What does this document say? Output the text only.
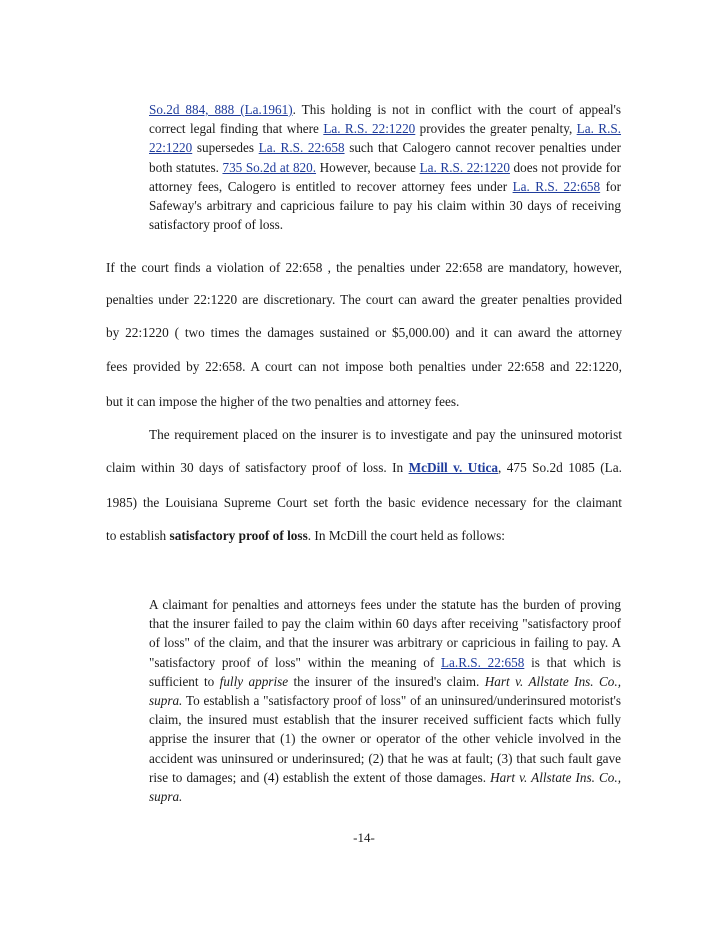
So.2d 884, 888 (La.1961). This holding is not in conflict with the court of appeal's correct legal finding that where La. R.S. 22:1220 provides the greater penalty, La. R.S. 22:1220 supersedes La. R.S. 22:658 such that Calogero cannot recover penalties under both statutes. 735 So.2d at 820. However, because La. R.S. 22:1220 does not provide for attorney fees, Calogero is entitled to recover attorney fees under La. R.S. 22:658 for Safeway's arbitrary and capricious failure to pay his claim within 30 days of receiving satisfactory proof of loss.
If the court finds a violation of 22:658 , the penalties under 22:658 are mandatory, however,
penalties under 22:1220 are discretionary. The court can award the greater penalties provided
by 22:1220 ( two times the damages sustained or $5,000.00) and it can award the attorney
fees provided by 22:658. A court can not impose both penalties under 22:658 and 22:1220,
but it can impose the higher of the two penalties and attorney fees.
The requirement placed on the insurer is to investigate and pay the uninsured motorist
claim within 30 days of satisfactory proof of loss. In McDill v. Utica, 475 So.2d 1085 (La.
1985) the Louisiana Supreme Court set forth the basic evidence necessary for the claimant
to establish satisfactory proof of loss. In McDill the court held as follows:
A claimant for penalties and attorneys fees under the statute has the burden of proving that the insurer failed to pay the claim within 60 days after receiving "satisfactory proof of loss" of the claim, and that the insurer was arbitrary or capricious in failing to pay. A "satisfactory proof of loss" within the meaning of La.R.S. 22:658 is that which is sufficient to fully apprise the insurer of the insured's claim. Hart v. Allstate Ins. Co., supra. To establish a "satisfactory proof of loss" of an uninsured/underinsured motorist's claim, the insured must establish that the insurer received sufficient facts which fully apprise the insurer that (1) the owner or operator of the other vehicle involved in the accident was uninsured or underinsured; (2) that he was at fault; (3) that such fault gave rise to damages; and (4) establish the extent of those damages. Hart v. Allstate Ins. Co., supra.
-14-
